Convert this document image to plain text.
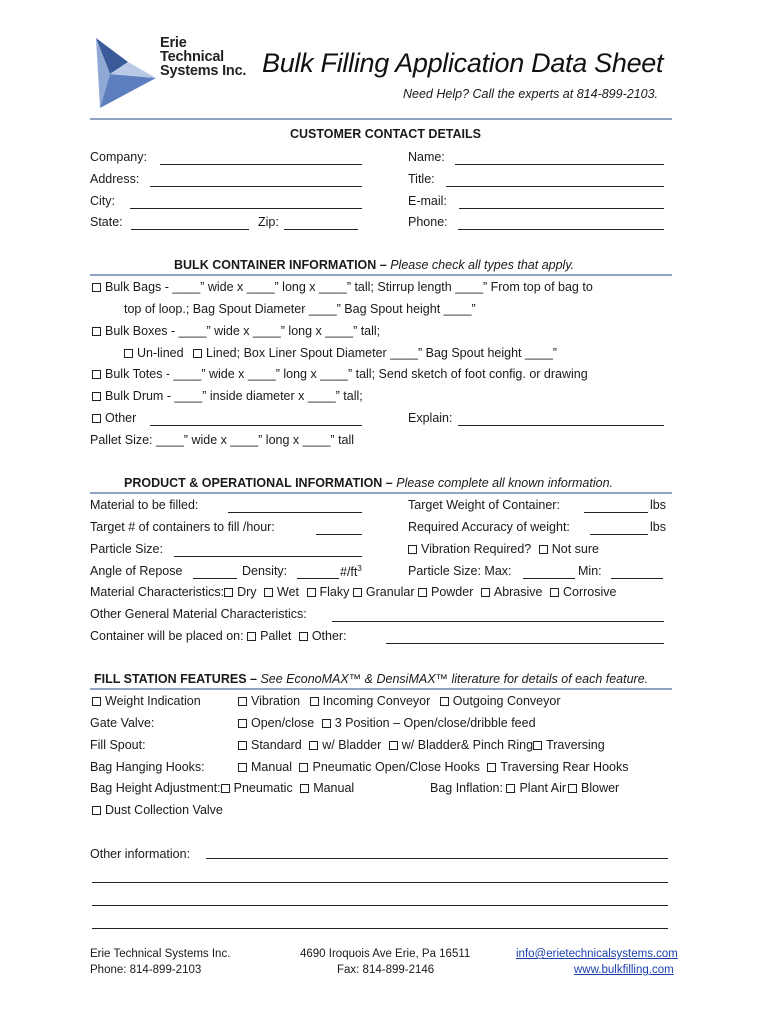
Erie
Technical
Systems Inc. Bulk Filling Application Data Sheet
Need Help? Call the experts at 814-899-2103.
CUSTOMER CONTACT DETAILS
Company:
Address:
City:
State:	Zip:
Name:
Title:
E-mail:
Phone:
BULK CONTAINER INFORMATION – Please check all types that apply.
Bulk Bags - ____” wide x ____” long x ____” tall; Stirrup length ____” From top of bag to
top of loop.; Bag Spout Diameter ____” Bag Spout height ____”
Bulk Boxes - ____” wide x ____” long x ____” tall;
Un-lined Lined; Box Liner Spout Diameter ____” Bag Spout height ____”
Bulk Totes - ____” wide x ____” long x ____” tall; Send sketch of foot config. or drawing
Bulk Drum - ____” inside diameter x ____” tall;
Other	Explain:
Pallet Size: ____” wide x ____” long x ____” tall
PRODUCT & OPERATIONAL INFORMATION – Please complete all known information.
Material to be filled:	Target Weight of Container:	lbs
Target # of containers to fill /hour:	Required Accuracy of weight:	lbs
Particle Size:	Vibration Required? Not sure
Angle of Repose	Density:	$\#/ft^3$	Particle Size: Max:	Min:
Material Characteristics: Dry Wet Flaky Granular Powder Abrasive Corrosive
Other General Material Characteristics:
Container will be placed on: Pallet Other:
FILL STATION FEATURES – See EconoMAX™ & DensiMAX™ literature for details of each feature.
Weight Indication	Vibration Incoming Conveyor Outgoing Conveyor
Gate Valve:	Open/close 3 Position – Open/close/dribble feed
Fill Spout:	Standard w/ Bladder w/ Bladder& Pinch Ring Traversing
Bag Hanging Hooks:	Manual Pneumatic Open/Close Hooks Traversing Rear Hooks
Bag Height Adjustment: Pneumatic Manual	Bag Inflation: Plant Air Blower
Dust Collection Valve
Other information:
Erie Technical Systems Inc.
Phone: 814-899-2103
4690 Iroquois Ave Erie, Pa 16511
Fax: 814-899-2146
info@erietechnicalsystems.com
www.bulkfilling.com
